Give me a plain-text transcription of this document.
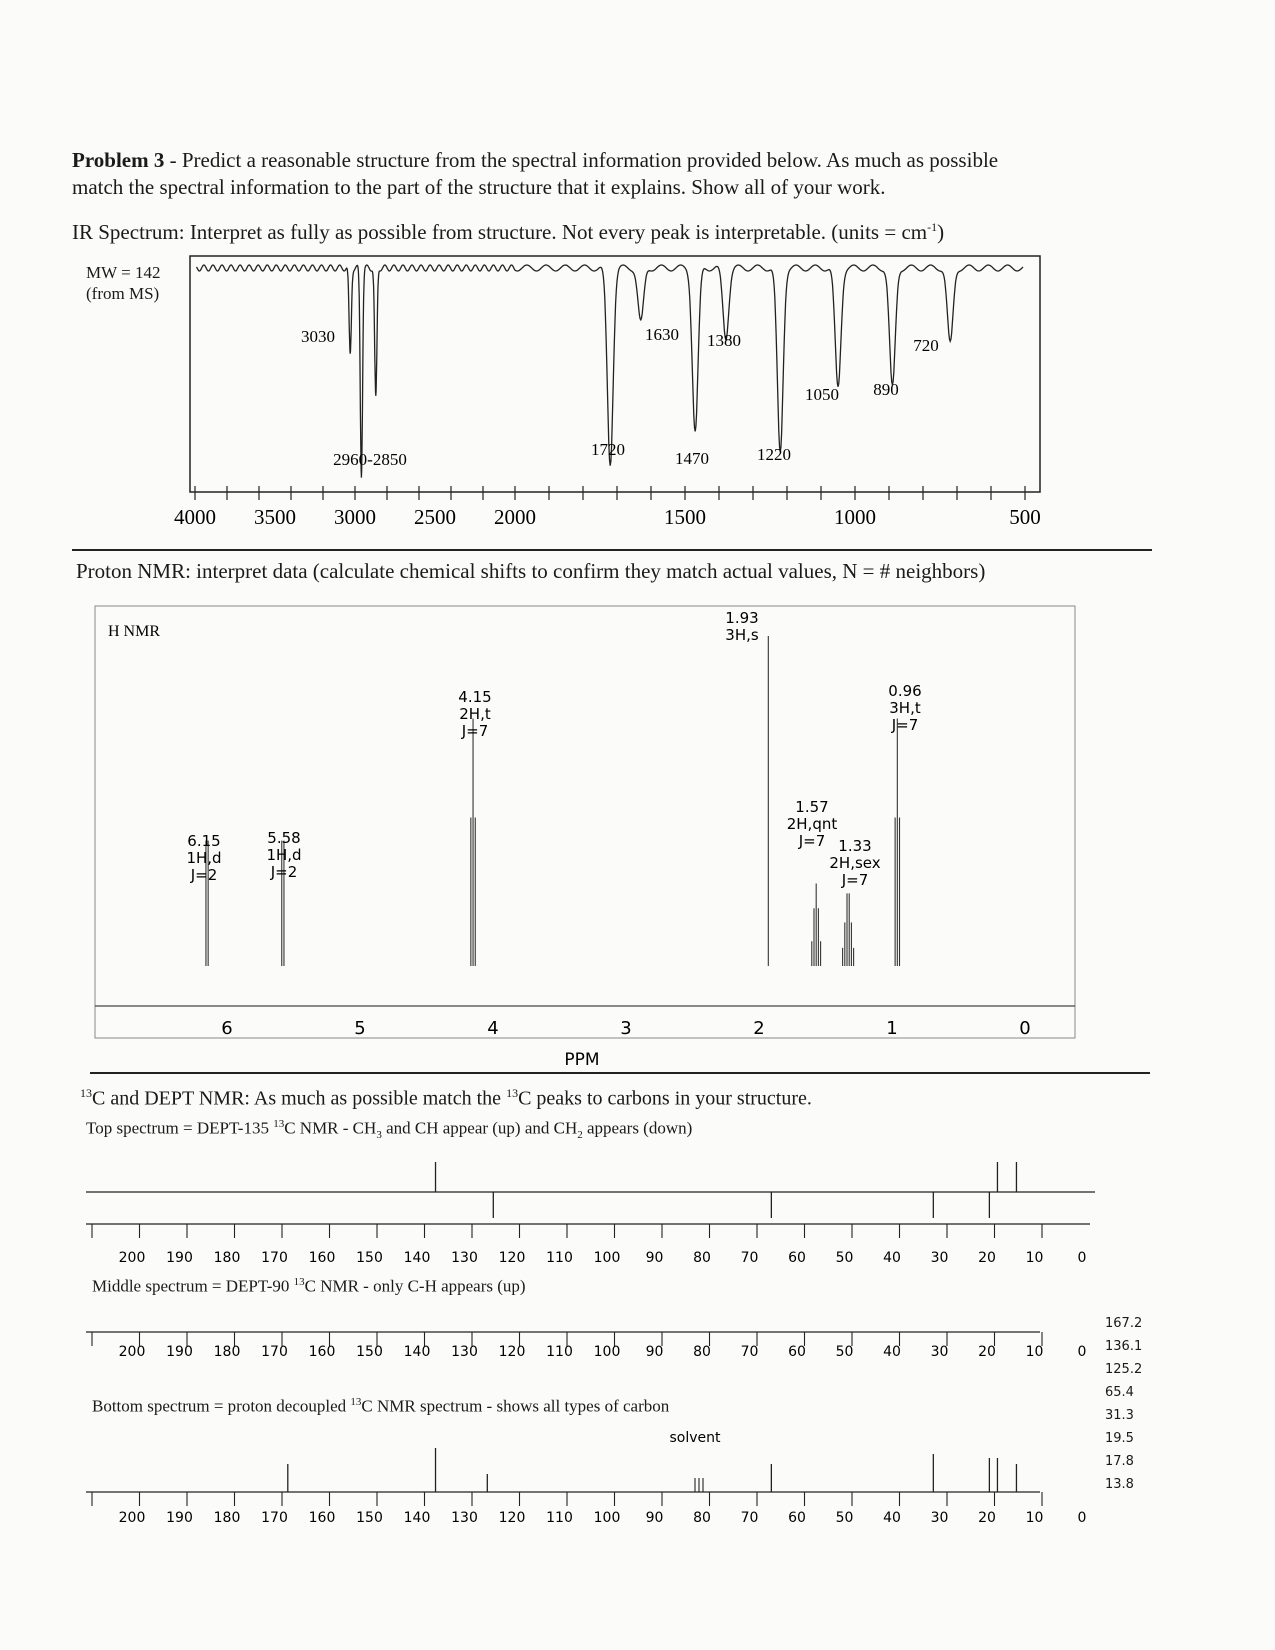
Problem 3 - Predict a reasonable structure from the spectral information provided below. As much as possible
match the spectral information to the part of the structure that it explains. Show all of your work.
IR Spectrum: Interpret as fully as possible from structure. Not every peak is interpretable. (units = $cm^{-1}$)
MW = 142
(from MS)
3030
2960-2850
1720
1630
1470
1380
1220
1050 890
720
4000 3500 3000 2500 2000	1500	1000	500
Proton NMR: interpret data (calculate chemical shifts to confirm they match actual values, N = # neighbors)
H NMR
6.15
1H,d
J=2
5.58
1H,d
J=2
4.15
2H,t
J=7
1.93
3H,s
1.57
2H,qnt
J=7 1.33
2H,sex
J=7
0.96
3H,t
J=7
6	5	4	3	2	1	0
PPM
$^{13}$C and DEPT NMR: As much as possible match the $^{13}$C peaks to carbons in your structure.
Top spectrum = DEPT-135 $^{13}$C NMR - $CH_3$ and CH appear (up) and $CH_2$ appears (down)
200 190 180 170 160 150 140 130 120 110 100 90 80 70 60 50 40 30 20 10 0
Middle spectrum = DEPT-90 $^{13}$C NMR - only C-H appears (up)
200 190 180 170 160 150 140 130 120 110 100 90 80 70 60 50 40 30 20 10 0
Bottom spectrum = proton decoupled $^{13}$C NMR spectrum - shows all types of carbon
solvent
200 190 180 170 160 150 140 130 120 110 100 90 80 70 60 50 40 30 20 10 0
167.2
136.1
125.2
65.4
31.3
19.5
17.8
13.8
